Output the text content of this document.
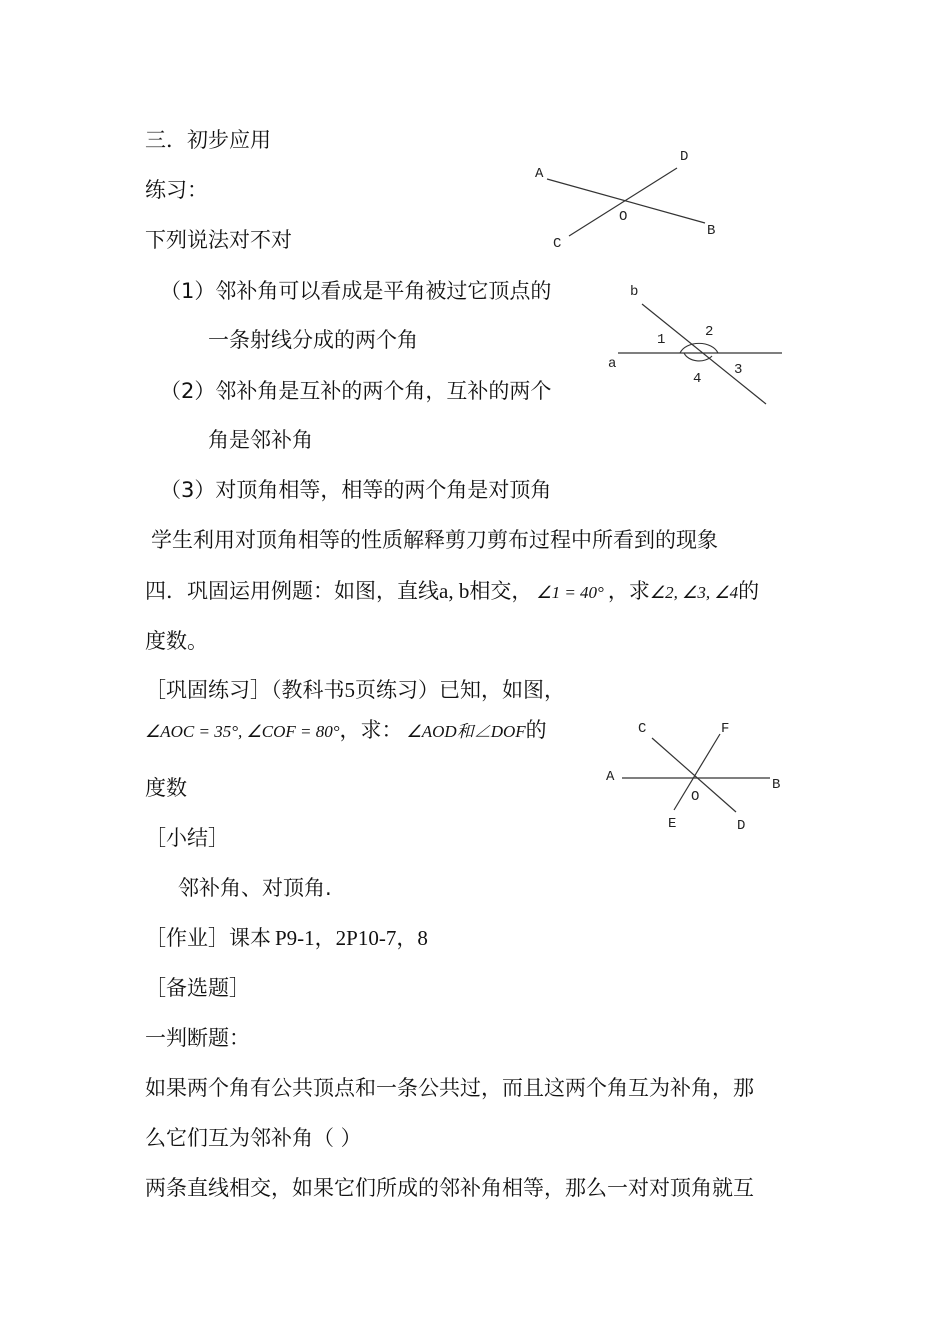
三．初步应用
练习：
下列说法对不对
（1）邻补角可以看成是平角被过它顶点的
一条射线分成的两个角
（2）邻补角是互补的两个角，互补的两个
角是邻补角
（3）对顶角相等，相等的两个角是对顶角
学生利用对顶角相等的性质解释剪刀剪布过程中所看到的现象
四．巩固运用例题：如图，直线a, b相交， ∠1 = 40° ，求∠2, ∠3, ∠4的
度数。
［巩固练习］（教科书5页练习）已知，如图，
∠AOC = 35°, ∠COF = 80°，求： ∠AOD和∠DOF的
度数
［小结］
邻补角、对顶角.
［作业］课本 P9-1，2P10-7，8
［备选题］
一判断题：
如果两个角有公共顶点和一条公共过，而且这两个角互为补角，那
么它们互为邻补角（ ）
两条直线相交，如果它们所成的邻补角相等，那么一对对顶角就互
A
D
O
B
C
a
b
1	2
3
4
A	B
C	F
O
E	D
